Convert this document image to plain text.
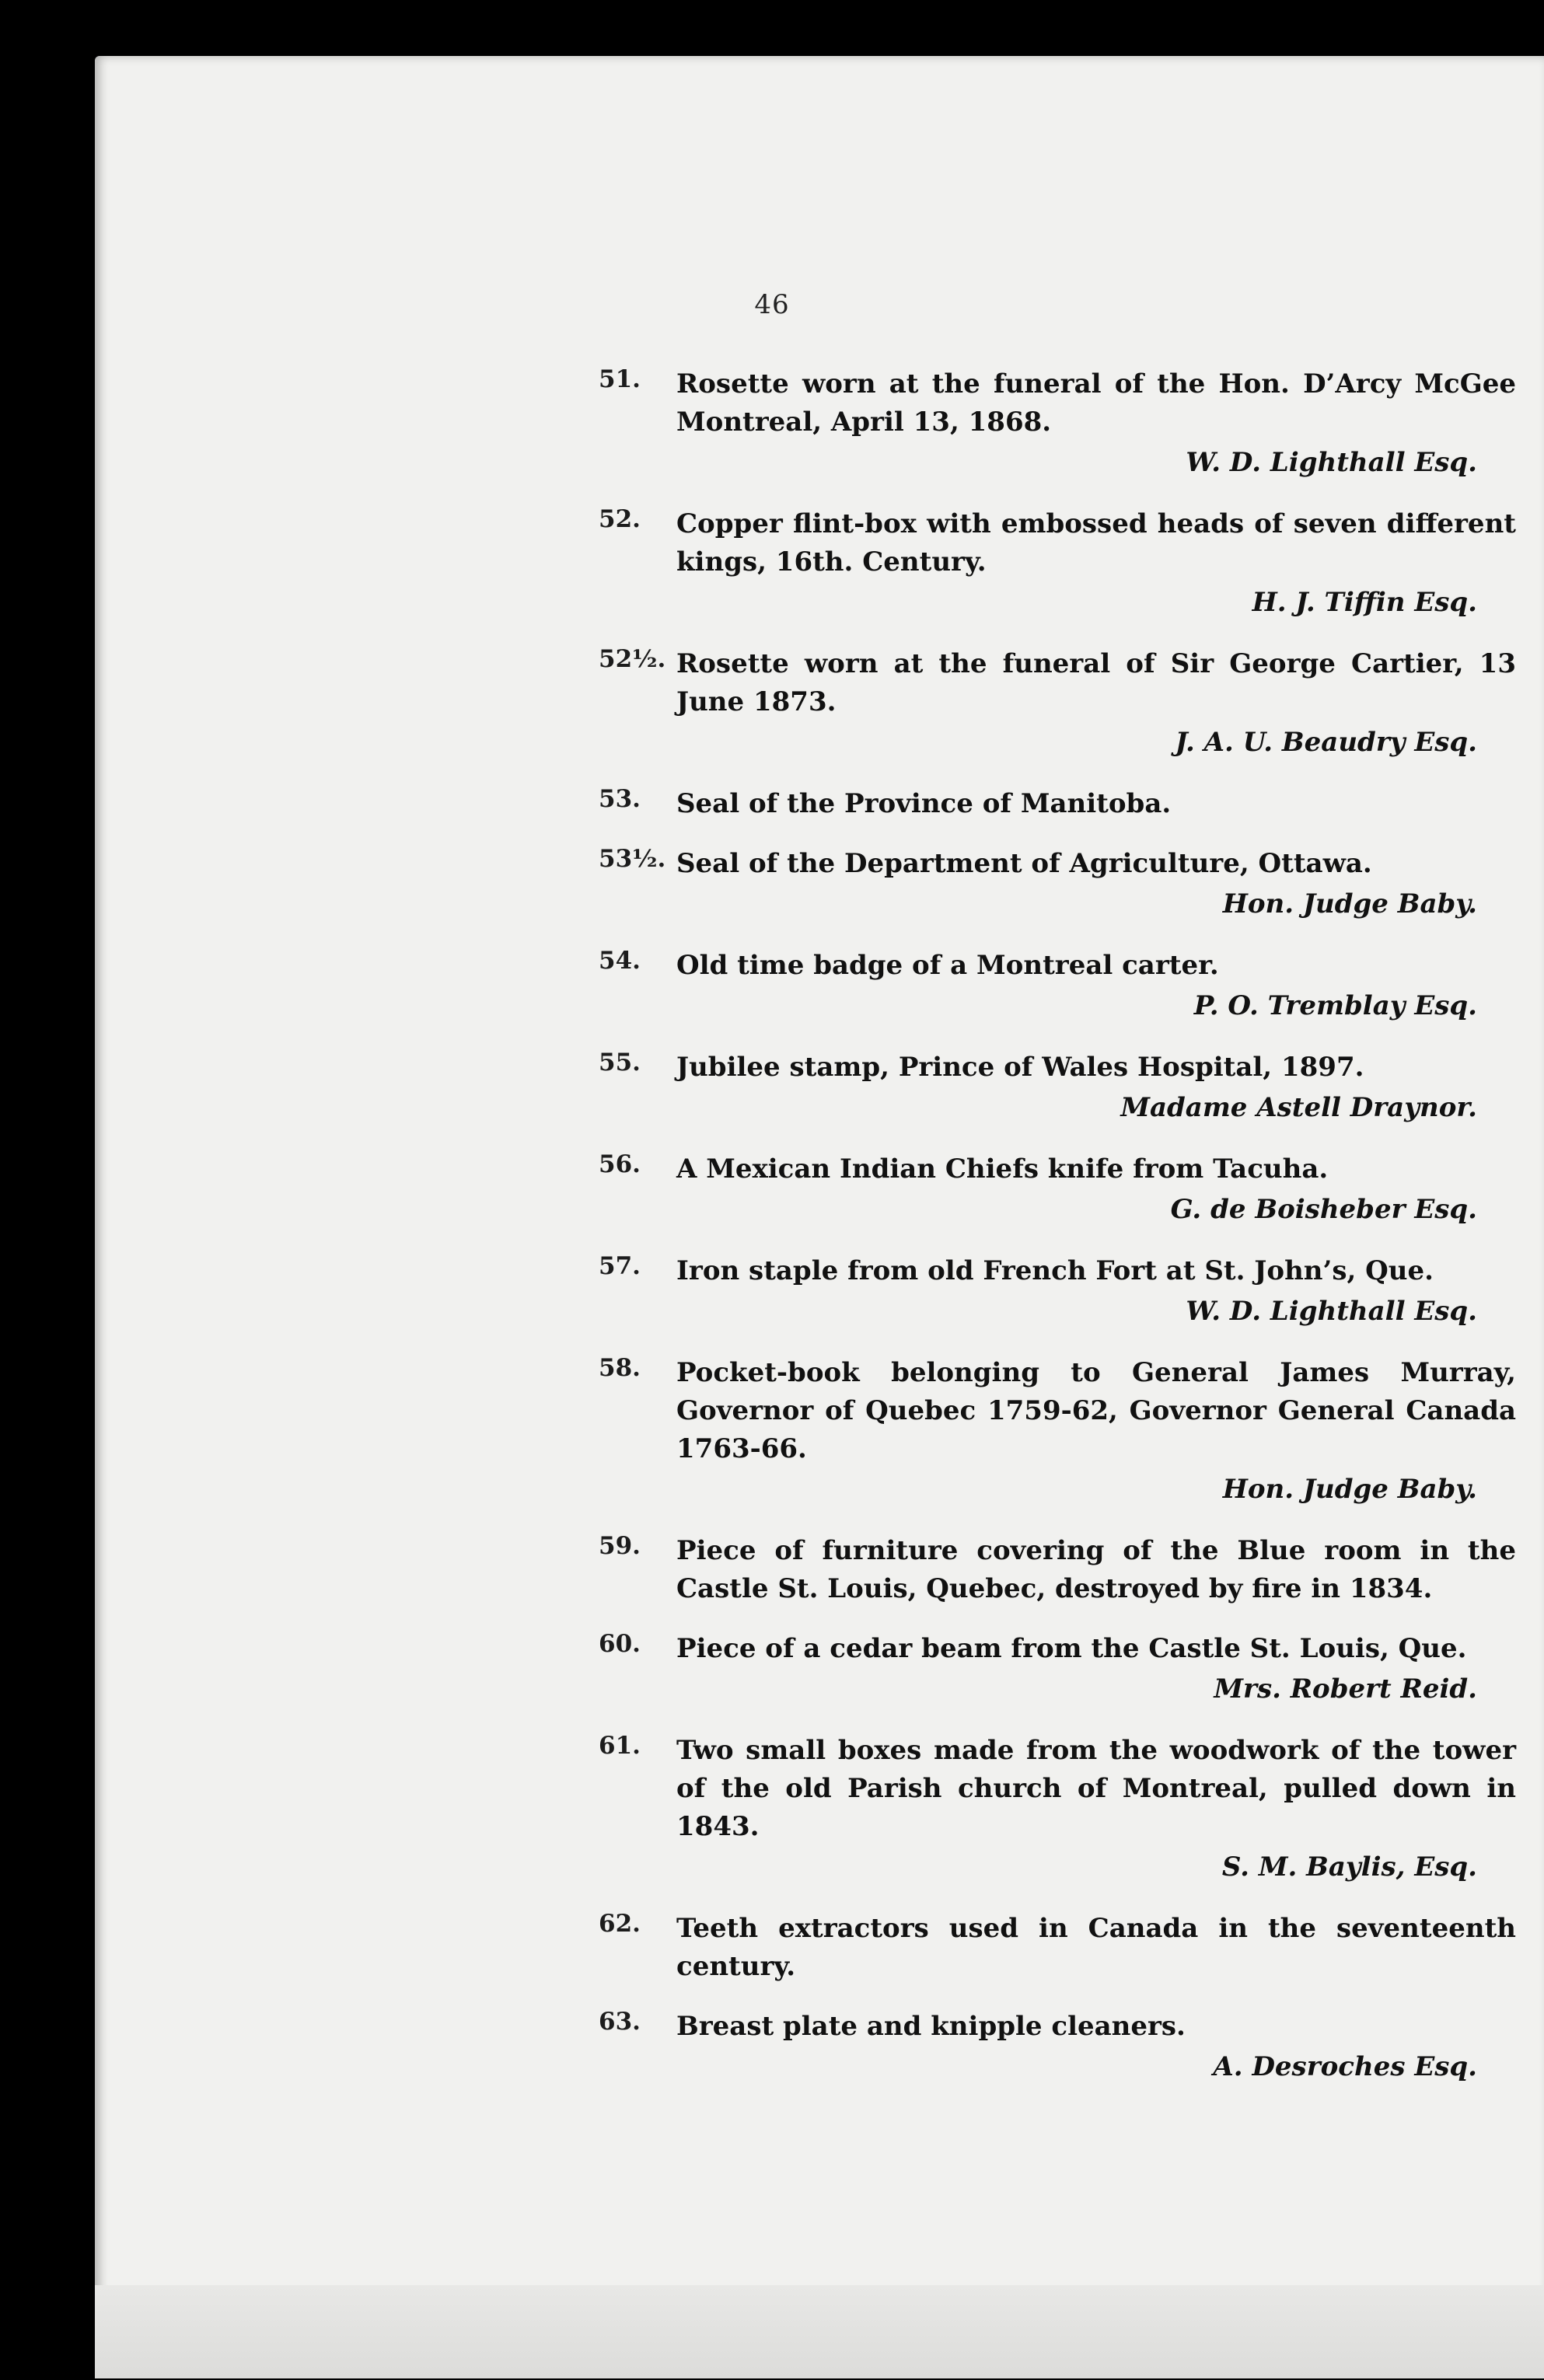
46
51.	Rosette worn at the funeral of the Hon. D’Arcy McGee Montreal, April 13, 1868.
W. D. Lighthall Esq.
52.	Copper flint-box with embossed heads of seven different kings, 16th. Century.
H. J. Tiffin Esq.
52½. Rosette worn at the funeral of Sir George Cartier, 13 June 1873.
J. A. U. Beaudry Esq.
53.	Seal of the Province of Manitoba.
53½. Seal of the Department of Agriculture, Ottawa.
Hon. Judge Baby.
54.	Old time badge of a Montreal carter.
P. O. Tremblay Esq.
55.	Jubilee stamp, Prince of Wales Hospital, 1897.
Madame Astell Draynor.
56.	A Mexican Indian Chiefs knife from Tacuha.
G. de Boisheber Esq.
57.	Iron staple from old French Fort at St. John’s, Que.
W. D. Lighthall Esq.
58.	Pocket-book belonging to General James Murray, Governor of Quebec 1759-62, Governor General Canada 1763-66.
Hon. Judge Baby.
59.	Piece of furniture covering of the Blue room in the Castle St. Louis, Quebec, destroyed by fire in 1834.
60.	Piece of a cedar beam from the Castle St. Louis, Que.
Mrs. Robert Reid.
61.	Two small boxes made from the woodwork of the tower of the old Parish church of Montreal, pulled down in 1843.
S. M. Baylis, Esq.
62.	Teeth extractors used in Canada in the seventeenth century.
63.	Breast plate and knipple cleaners.
A. Desroches Esq.
